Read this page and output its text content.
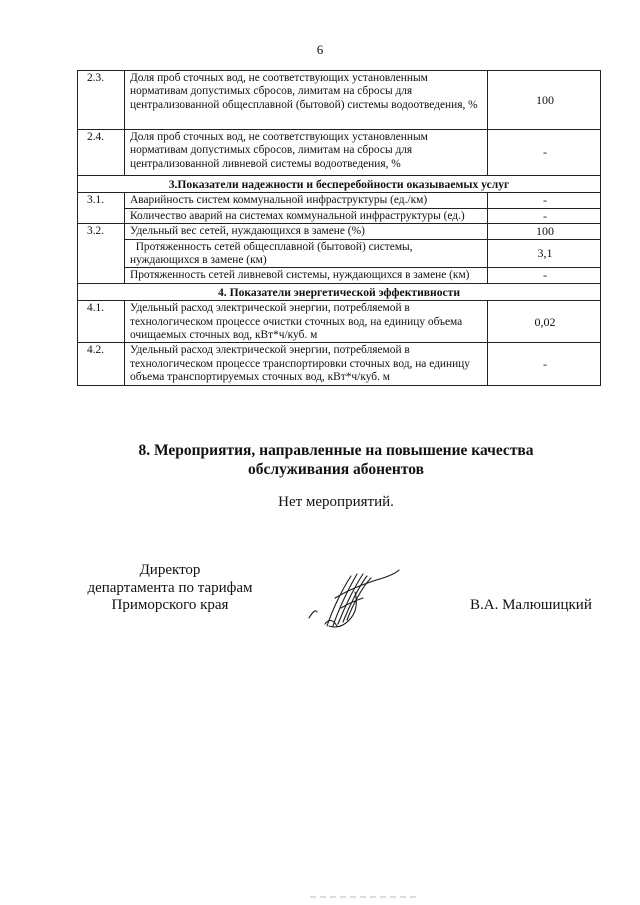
6
2.3.	Доля проб сточных вод, не соответствующих установленным нормативам допустимых сбросов, лимитам на сбросы для централизованной общесплавной (бытовой) системы водоотведения, %	100
2.4.	Доля проб сточных вод, не соответствующих установленным нормативам допустимых сбросов, лимитам на сбросы для централизованной ливневой системы водоотведения, %	-
3.Показатели надежности и бесперебойности оказываемых услуг		
3.1.	Аварийность систем коммунальной инфраструктуры (ед./км)	-
	Количество аварий на системах коммунальной инфраструктуры (ед.)	-
3.2.	Удельный вес сетей, нуждающихся в замене (%)	100
	Протяженность сетей общесплавной (бытовой) системы, нуждающихся в замене (км)	3,1
	Протяженность сетей ливневой системы, нуждающихся в замене (км)	-
4. Показатели энергетической эффективности		
4.1.	Удельный расход электрической энергии, потребляемой в технологическом процессе очистки сточных вод, на единицу объема очищаемых сточных вод, кВт*ч/куб. м	0,02
4.2.	Удельный расход электрической энергии, потребляемой в технологическом процессе транспортировки сточных вод, на единицу объема транспортируемых сточных вод, кВт*ч/куб. м	-
8. Мероприятия, направленные на повышение качества
обслуживания абонентов
Нет мероприятий.
Директор
департамента по тарифам
Приморского края	В.А. Малюшицкий
